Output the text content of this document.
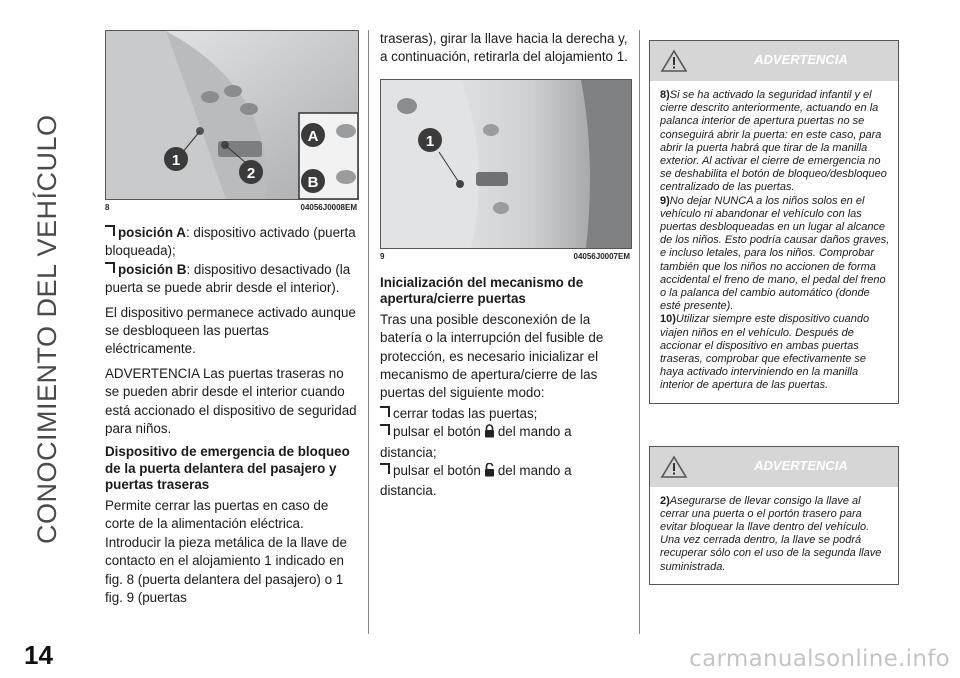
CONOCIMIENTO DEL VEHÍCULO
14
A
1
2
B
8	04056J0008EM

posición A: dispositivo activado (puerta bloqueada);

posición B: dispositivo desactivado (la puerta se puede abrir desde el interior).

El dispositivo permanece activado aunque se desbloqueen las puertas eléctricamente.

ADVERTENCIA Las puertas traseras no se pueden abrir desde el interior cuando está accionado el dispositivo de seguridad para niños.

Dispositivo de emergencia de bloqueo de la puerta delantera del pasajero y puertas traseras

Permite cerrar las puertas en caso de corte de la alimentación eléctrica.

Introducir la pieza metálica de la llave de contacto en el alojamiento 1 indicado en fig. 8 (puerta delantera del pasajero) o 1 fig. 9 (puertas

traseras), girar la llave hacia la derecha y, a continuación, retirarla del alojamiento 1.

1
9	04056J0007EM

Inicialización del mecanismo de apertura/cierre puertas

Tras una posible desconexión de la batería o la interrupción del fusible de protección, es necesario inicializar el mecanismo de apertura/cierre de las puertas del siguiente modo:

cerrar todas las puertas;

pulsar el botón del mando a distancia;

pulsar el botón del mando a distancia.

ADVERTENCIA

8)Si se ha activado la seguridad infantil y el cierre descrito anteriormente, actuando en la palanca interior de apertura puertas no se conseguirá abrir la puerta: en este caso, para abrir la puerta habrá que tirar de la manilla exterior. Al activar el cierre de emergencia no se deshabilita el botón de bloqueo/desbloqueo centralizado de las puertas.

9)No dejar NUNCA a los niños solos en el vehículo ni abandonar el vehículo con las puertas desbloqueadas en un lugar al alcance de los niños. Esto podría causar daños graves, e incluso letales, para los niños. Comprobar también que los niños no accionen de forma accidental el freno de mano, el pedal del freno o la palanca del cambio automático (donde esté presente).

10)Utilizar siempre este dispositivo cuando viajen niños en el vehículo. Después de accionar el dispositivo en ambas puertas traseras, comprobar que efectivamente se haya activado interviniendo en la manilla interior de apertura de las puertas.

ADVERTENCIA

2)Asegurarse de llevar consigo la llave al cerrar una puerta o el portón trasero para evitar bloquear la llave dentro del vehículo. Una vez cerrada dentro, la llave se podrá recuperar sólo con el uso de la segunda llave suministrada.

carmanualsonline.info
